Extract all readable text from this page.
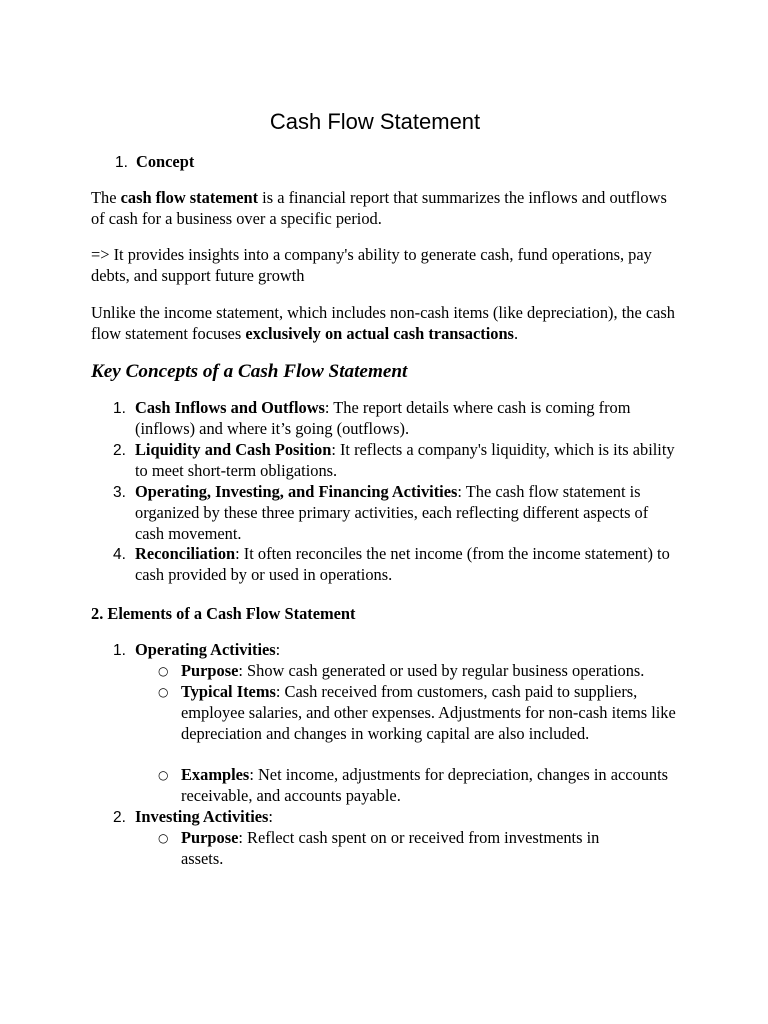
Cash Flow Statement
1. Concept

The cash flow statement is a financial report that summarizes the inflows and outflows of cash for a business over a specific period.

=> It provides insights into a company's ability to generate cash, fund operations, pay debts, and support future growth

Unlike the income statement, which includes non-cash items (like depreciation), the cash flow statement focuses exclusively on actual cash transactions.

Key Concepts of a Cash Flow Statement
1. Cash Inflows and Outflows: The report details where cash is coming from (inflows) and where it’s going (outflows).

2. Liquidity and Cash Position: It reflects a company's liquidity, which is its ability to meet short-term obligations.

3. Operating, Investing, and Financing Activities: The cash flow statement is organized by these three primary activities, each reflecting different aspects of cash movement.

4. Reconciliation: It often reconciles the net income (from the income statement) to cash provided by or used in operations.

2. Elements of a Cash Flow Statement
1. Operating Activities:

○ Purpose: Show cash generated or used by regular business operations.

○ Typical Items: Cash received from customers, cash paid to suppliers, employee salaries, and other expenses. Adjustments for non-cash items like depreciation and changes in working capital are also included.

○ Examples: Net income, adjustments for depreciation, changes in accounts receivable, and accounts payable.

2. Investing Activities:

○ Purpose: Reflect cash spent on or received from investments in assets.
